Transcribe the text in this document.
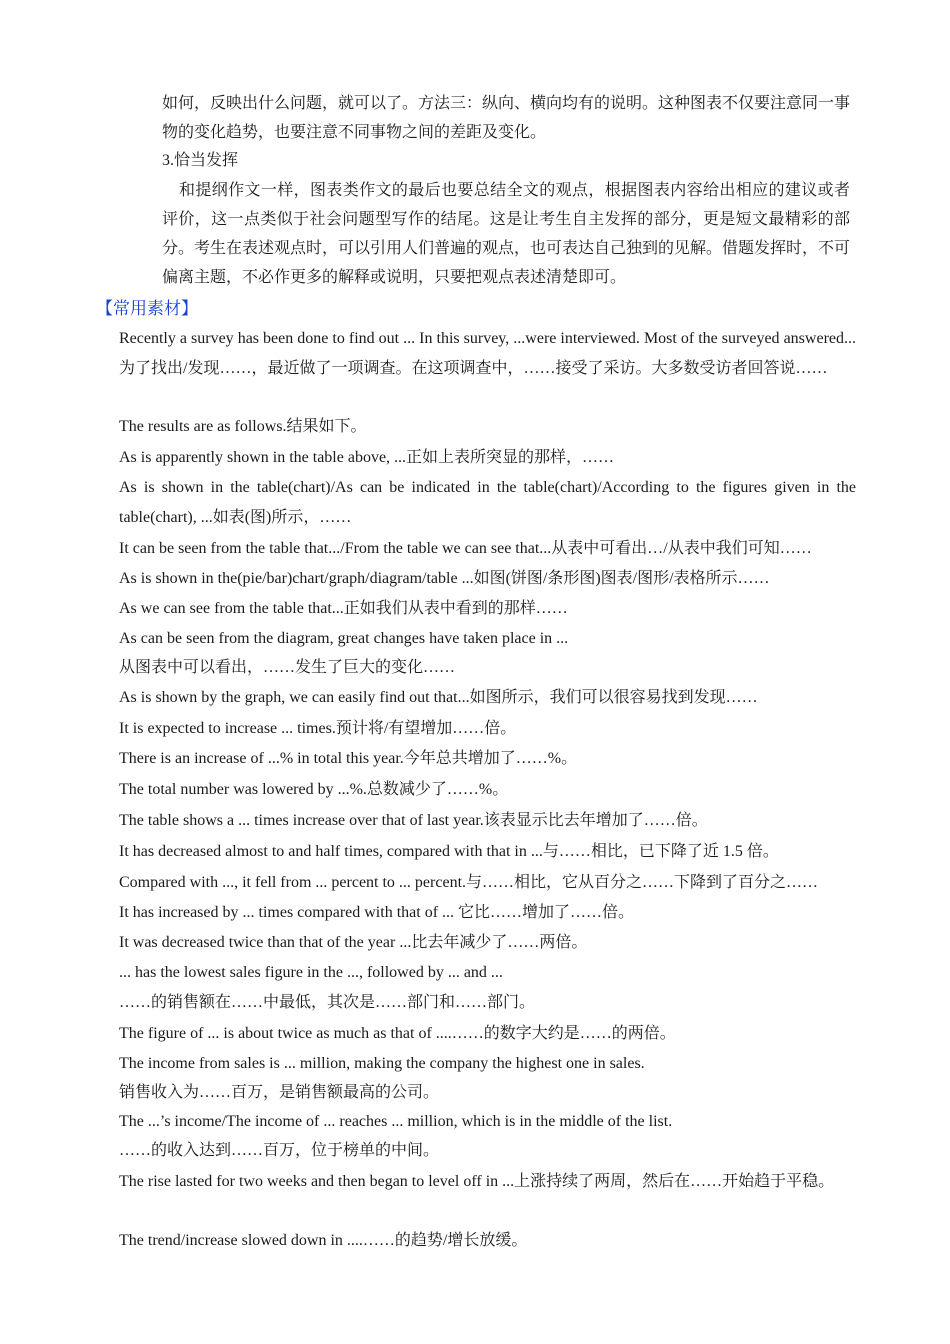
如何，反映出什么问题，就可以了。方法三：纵向、横向均有的说明。这种图表不仅要注意同一事物的变化趋势，也要注意不同事物之间的差距及变化。
3.恰当发挥
和提纲作文一样，图表类作文的最后也要总结全文的观点，根据图表内容给出相应的建议或者评价，这一点类似于社会问题型写作的结尾。这是让考生自主发挥的部分，更是短文最精彩的部分。考生在表述观点时，可以引用人们普遍的观点，也可表达自己独到的见解。借题发挥时，不可偏离主题，不必作更多的解释或说明，只要把观点表述清楚即可。
【常用素材】
Recently a survey has been done to find out ... In this survey, ...were interviewed. Most of the surveyed answered...为了找出/发现……，最近做了一项调查。在这项调查中，……接受了采访。大多数受访者回答说……
The results are as follows.结果如下。
As is apparently shown in the table above, ...正如上表所突显的那样，……
As is shown in the table(chart)/As can be indicated in the table(chart)/According to the figures given in the table(chart), ...如表(图)所示，……
It can be seen from the table that.../From the table we can see that...从表中可看出…/从表中我们可知……
As is shown in the(pie/bar)chart/graph/diagram/table ...如图(饼图/条形图)图表/图形/表格所示……
As we can see from the table that...正如我们从表中看到的那样……
As can be seen from the diagram, great changes have taken place in ...
从图表中可以看出，……发生了巨大的变化……
As is shown by the graph, we can easily find out that...如图所示，我们可以很容易找到发现……
It is expected to increase ... times.预计将/有望增加……倍。
There is an increase of ...% in total this year.今年总共增加了……%。
The total number was lowered by ...%.总数减少了……%。
The table shows a ... times increase over that of last year.该表显示比去年增加了……倍。
It has decreased almost to and half times, compared with that in ...与……相比，已下降了近 1.5 倍。
Compared with ..., it fell from ... percent to ... percent.与……相比，它从百分之……下降到了百分之……
It has increased by ... times compared with that of ... 它比……增加了……倍。
It was decreased twice than that of the year ...比去年减少了……两倍。
... has the lowest sales figure in the ..., followed by ... and ...
……的销售额在……中最低，其次是……部门和……部门。
The figure of ... is about twice as much as that of ....……的数字大约是……的两倍。
The income from sales is ... million, making the company the highest one in sales.
销售收入为……百万，是销售额最高的公司。
The ...’s income/The income of ... reaches ... million, which is in the middle of the list.
……的收入达到……百万，位于榜单的中间。
The rise lasted for two weeks and then began to level off in ...上涨持续了两周，然后在……开始趋于平稳。
The trend/increase slowed down in ....……的趋势/增长放缓。
